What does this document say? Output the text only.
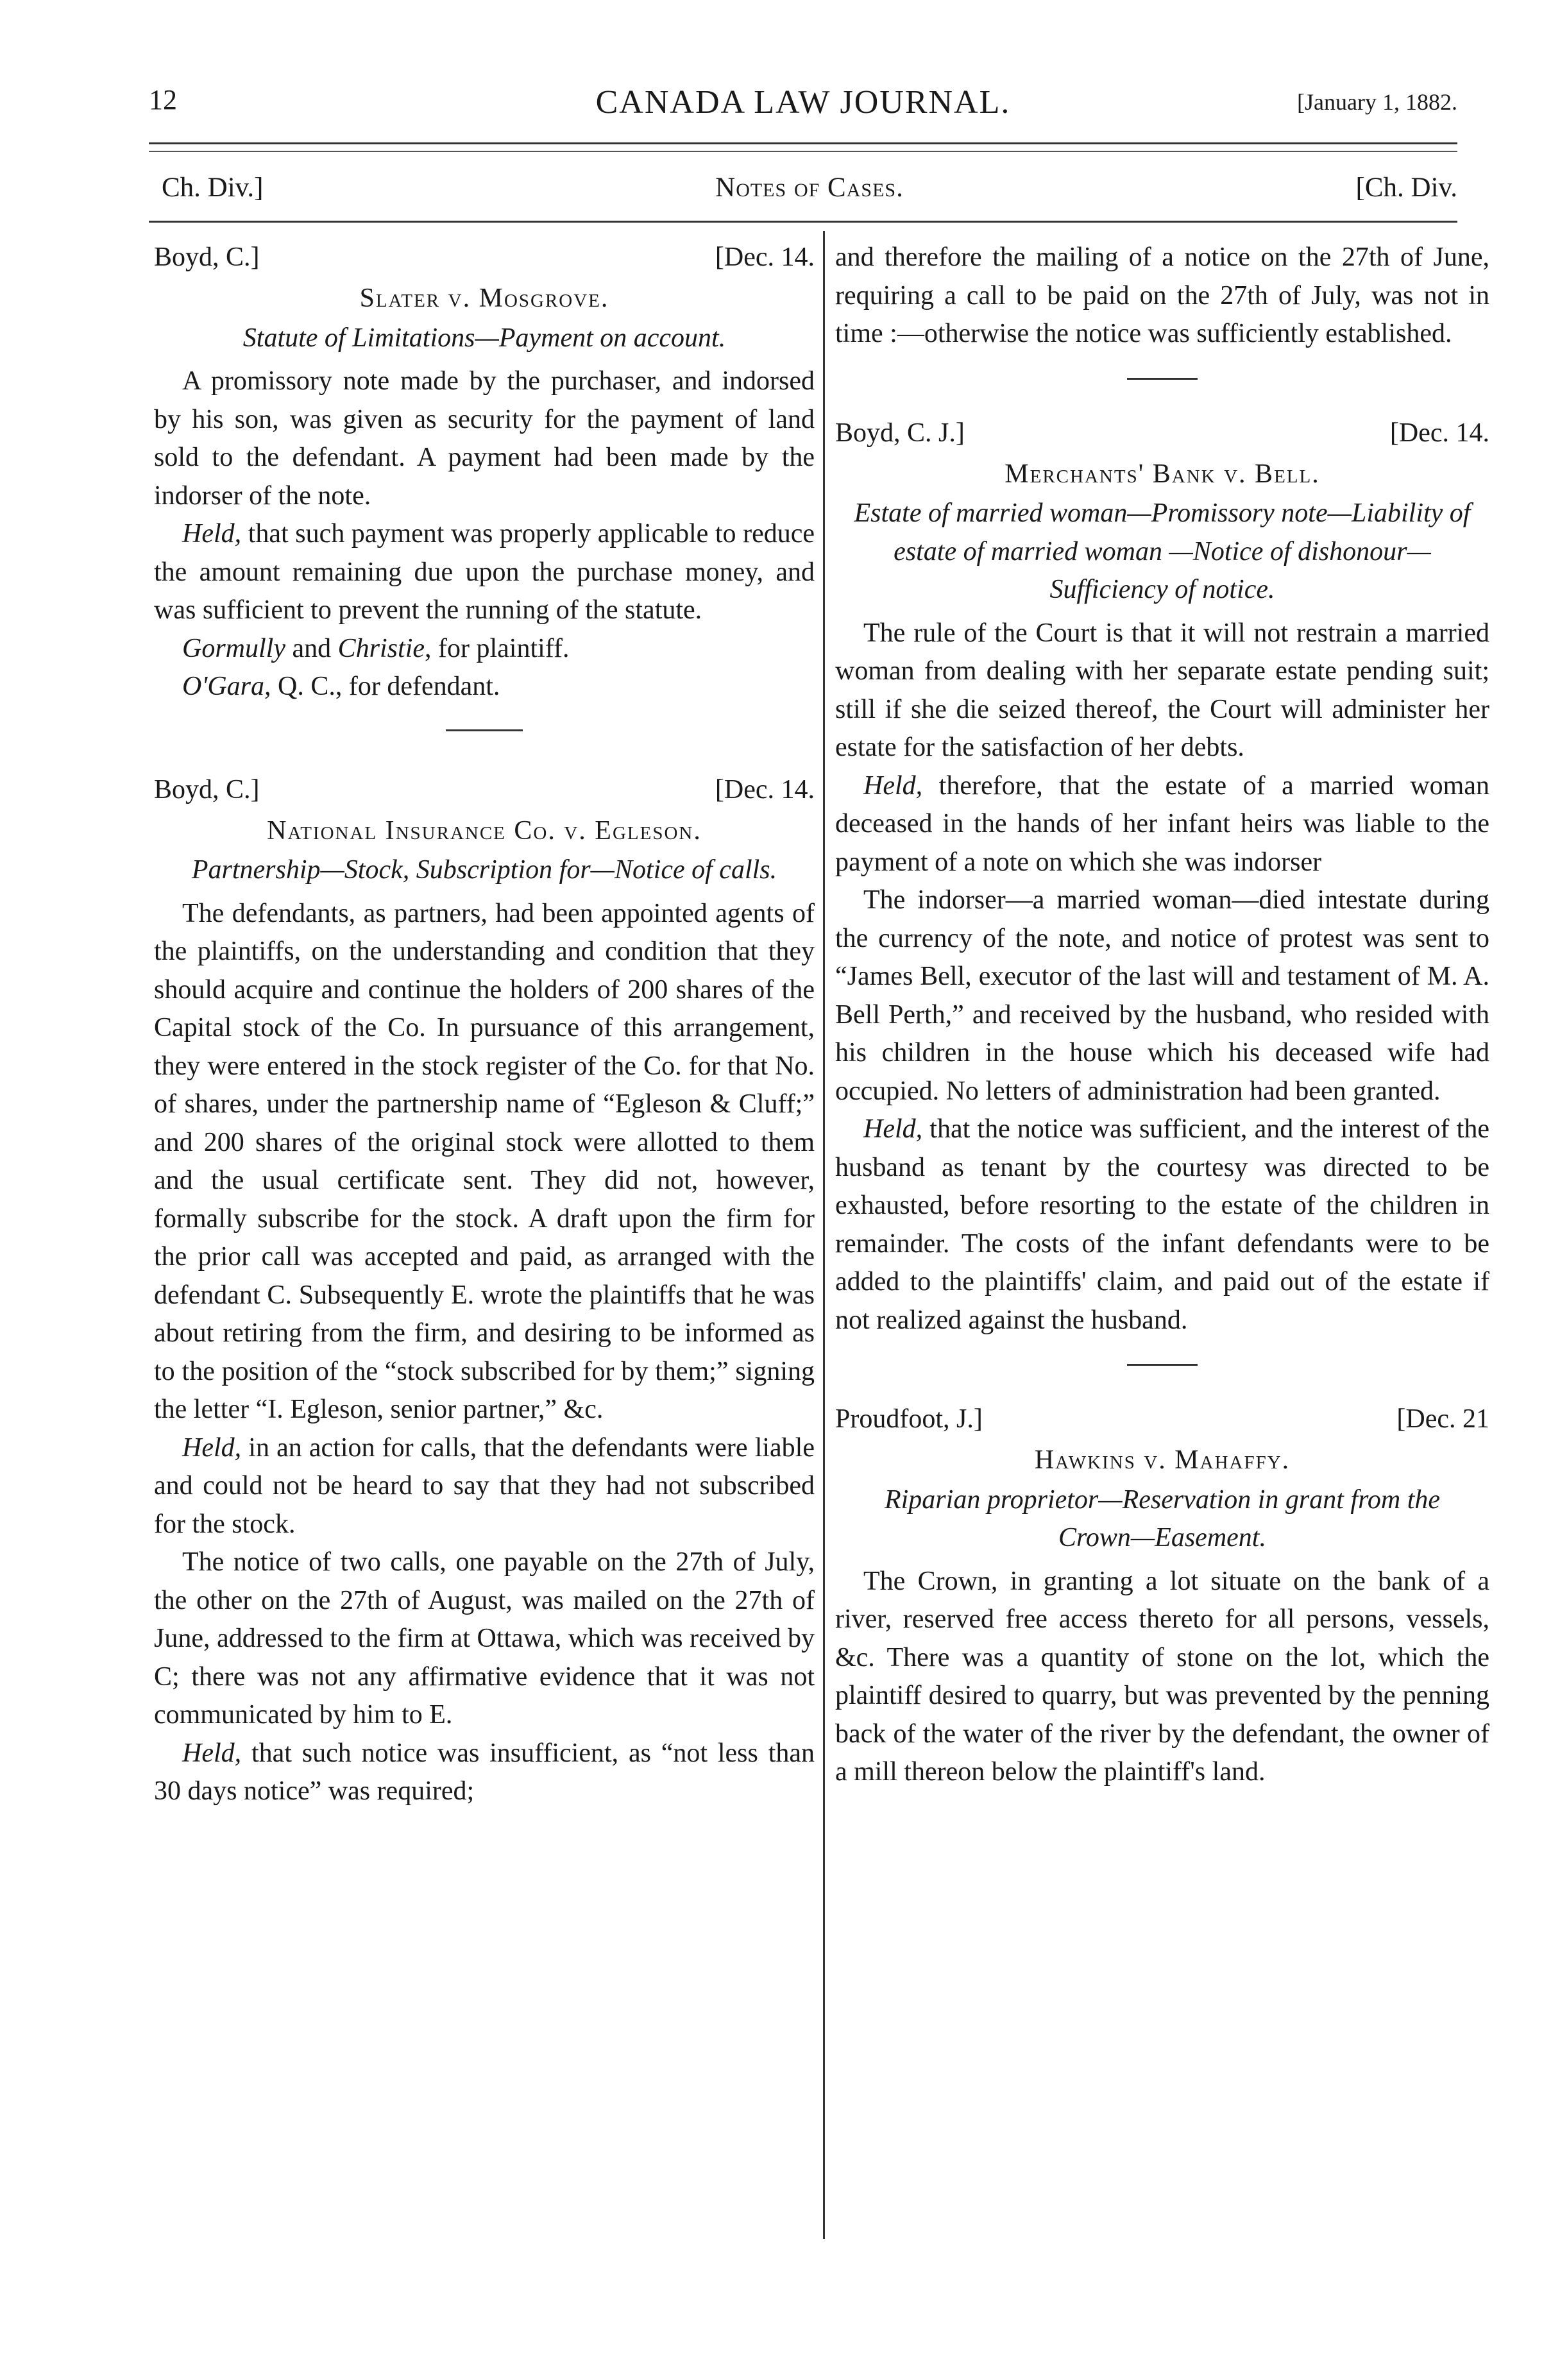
12	CANADA LAW JOURNAL.	[January 1, 1882.
Ch. Div.]	Notes of Cases.	[Ch. Div.
Boyd, C.]	[Dec. 14.
Slater v. Mosgrove.
Statute of Limitations—Payment on account.

A promissory note made by the purchaser, and indorsed by his son, was given as security for the payment of land sold to the defendant. A payment had been made by the indorser of the note.

Held, that such payment was properly applicable to reduce the amount remaining due upon the purchase money, and was sufficient to prevent the running of the statute.

Gormully and Christie, for plaintiff.

O'Gara, Q. C., for defendant.

Boyd, C.]	[Dec. 14.
National Insurance Co. v. Egleson.
Partnership—Stock, Subscription for—Notice of calls.

The defendants, as partners, had been appointed agents of the plaintiffs, on the understanding and condition that they should acquire and continue the holders of 200 shares of the Capital stock of the Co. In pursuance of this arrangement, they were entered in the stock register of the Co. for that No. of shares, under the partnership name of “Egleson & Cluff;” and 200 shares of the original stock were allotted to them and the usual certificate sent. They did not, however, formally subscribe for the stock. A draft upon the firm for the prior call was accepted and paid, as arranged with the defendant C. Subsequently E. wrote the plaintiffs that he was about retiring from the firm, and desiring to be informed as to the position of the “stock subscribed for by them;” signing the letter “I. Egleson, senior partner,” &c.

Held, in an action for calls, that the defendants were liable and could not be heard to say that they had not subscribed for the stock.

The notice of two calls, one payable on the 27th of July, the other on the 27th of August, was mailed on the 27th of June, addressed to the firm at Ottawa, which was received by C; there was not any affirmative evidence that it was not communicated by him to E.

Held, that such notice was insufficient, as “not less than 30 days notice” was required;

and therefore the mailing of a notice on the 27th of June, requiring a call to be paid on the 27th of July, was not in time :—otherwise the notice was sufficiently established.

Boyd, C. J.]	[Dec. 14.
Merchants' Bank v. Bell.
Estate of married woman—Promissory note—Liability of estate of married woman —Notice of dishonour—Sufficiency of notice.

The rule of the Court is that it will not restrain a married woman from dealing with her separate estate pending suit; still if she die seized thereof, the Court will administer her estate for the satisfaction of her debts.

Held, therefore, that the estate of a married woman deceased in the hands of her infant heirs was liable to the payment of a note on which she was indorser

The indorser—a married woman—died intestate during the currency of the note, and notice of protest was sent to “James Bell, executor of the last will and testament of M. A. Bell Perth,” and received by the husband, who resided with his children in the house which his deceased wife had occupied. No letters of administration had been granted.

Held, that the notice was sufficient, and the interest of the husband as tenant by the courtesy was directed to be exhausted, before resorting to the estate of the children in remainder. The costs of the infant defendants were to be added to the plaintiffs' claim, and paid out of the estate if not realized against the husband.

Proudfoot, J.]	[Dec. 21
Hawkins v. Mahaffy.
Riparian proprietor—Reservation in grant from the Crown—Easement.

The Crown, in granting a lot situate on the bank of a river, reserved free access thereto for all persons, vessels, &c. There was a quantity of stone on the lot, which the plaintiff desired to quarry, but was prevented by the penning back of the water of the river by the defendant, the owner of a mill thereon below the plaintiff's land.
